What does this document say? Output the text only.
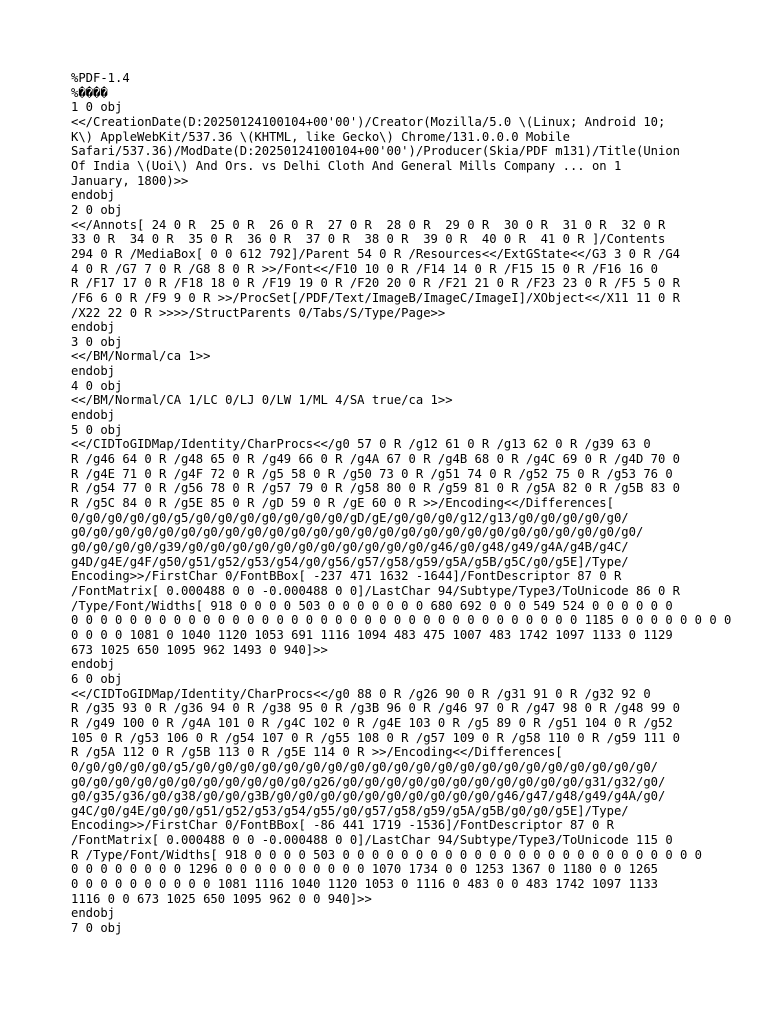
%PDF-1.4
%����
1 0 obj
<</CreationDate(D:20250124100104+00'00')/Creator(Mozilla/5.0 \(Linux; Android 10;
K\) AppleWebKit/537.36 \(KHTML, like Gecko\) Chrome/131.0.0.0 Mobile
Safari/537.36)/ModDate(D:20250124100104+00'00')/Producer(Skia/PDF m131)/Title(Union
Of India \(Uoi\) And Ors. vs Delhi Cloth And General Mills Company ... on 1
January, 1800)>>
endobj
2 0 obj
<</Annots[ 24 0 R  25 0 R  26 0 R  27 0 R  28 0 R  29 0 R  30 0 R  31 0 R  32 0 R
33 0 R  34 0 R  35 0 R  36 0 R  37 0 R  38 0 R  39 0 R  40 0 R  41 0 R ]/Contents
294 0 R /MediaBox[ 0 0 612 792]/Parent 54 0 R /Resources<</ExtGState<</G3 3 0 R /G4
4 0 R /G7 7 0 R /G8 8 0 R >>/Font<</F10 10 0 R /F14 14 0 R /F15 15 0 R /F16 16 0
R /F17 17 0 R /F18 18 0 R /F19 19 0 R /F20 20 0 R /F21 21 0 R /F23 23 0 R /F5 5 0 R
/F6 6 0 R /F9 9 0 R >>/ProcSet[/PDF/Text/ImageB/ImageC/ImageI]/XObject<</X11 11 0 R
/X22 22 0 R >>>>/StructParents 0/Tabs/S/Type/Page>>
endobj
3 0 obj
<</BM/Normal/ca 1>>
endobj
4 0 obj
<</BM/Normal/CA 1/LC 0/LJ 0/LW 1/ML 4/SA true/ca 1>>
endobj
5 0 obj
<</CIDToGIDMap/Identity/CharProcs<</g0 57 0 R /g12 61 0 R /g13 62 0 R /g39 63 0
R /g46 64 0 R /g48 65 0 R /g49 66 0 R /g4A 67 0 R /g4B 68 0 R /g4C 69 0 R /g4D 70 0
R /g4E 71 0 R /g4F 72 0 R /g5 58 0 R /g50 73 0 R /g51 74 0 R /g52 75 0 R /g53 76 0
R /g54 77 0 R /g56 78 0 R /g57 79 0 R /g58 80 0 R /g59 81 0 R /g5A 82 0 R /g5B 83 0
R /g5C 84 0 R /g5E 85 0 R /gD 59 0 R /gE 60 0 R >>/Encoding<</Differences[
0/g0/g0/g0/g0/g5/g0/g0/g0/g0/g0/g0/g0/gD/gE/g0/g0/g0/g12/g13/g0/g0/g0/g0/g0/
g0/g0/g0/g0/g0/g0/g0/g0/g0/g0/g0/g0/g0/g0/g0/g0/g0/g0/g0/g0/g0/g0/g0/g0/g0/g0/
g0/g0/g0/g0/g39/g0/g0/g0/g0/g0/g0/g0/g0/g0/g0/g0/g46/g0/g48/g49/g4A/g4B/g4C/
g4D/g4E/g4F/g50/g51/g52/g53/g54/g0/g56/g57/g58/g59/g5A/g5B/g5C/g0/g5E]/Type/
Encoding>>/FirstChar 0/FontBBox[ -237 471 1632 -1644]/FontDescriptor 87 0 R
/FontMatrix[ 0.000488 0 0 -0.000488 0 0]/LastChar 94/Subtype/Type3/ToUnicode 86 0 R
/Type/Font/Widths[ 918 0 0 0 0 503 0 0 0 0 0 0 0 680 692 0 0 0 549 524 0 0 0 0 0 0
0 0 0 0 0 0 0 0 0 0 0 0 0 0 0 0 0 0 0 0 0 0 0 0 0 0 0 0 0 0 0 0 0 0 0 1185 0 0 0 0 0 0 0 0
0 0 0 0 1081 0 1040 1120 1053 691 1116 1094 483 475 1007 483 1742 1097 1133 0 1129
673 1025 650 1095 962 1493 0 940]>>
endobj
6 0 obj
<</CIDToGIDMap/Identity/CharProcs<</g0 88 0 R /g26 90 0 R /g31 91 0 R /g32 92 0
R /g35 93 0 R /g36 94 0 R /g38 95 0 R /g3B 96 0 R /g46 97 0 R /g47 98 0 R /g48 99 0
R /g49 100 0 R /g4A 101 0 R /g4C 102 0 R /g4E 103 0 R /g5 89 0 R /g51 104 0 R /g52
105 0 R /g53 106 0 R /g54 107 0 R /g55 108 0 R /g57 109 0 R /g58 110 0 R /g59 111 0
R /g5A 112 0 R /g5B 113 0 R /g5E 114 0 R >>/Encoding<</Differences[
0/g0/g0/g0/g0/g5/g0/g0/g0/g0/g0/g0/g0/g0/g0/g0/g0/g0/g0/g0/g0/g0/g0/g0/g0/g0/g0/
g0/g0/g0/g0/g0/g0/g0/g0/g0/g0/g0/g26/g0/g0/g0/g0/g0/g0/g0/g0/g0/g0/g0/g31/g32/g0/
g0/g35/g36/g0/g38/g0/g0/g3B/g0/g0/g0/g0/g0/g0/g0/g0/g0/g0/g46/g47/g48/g49/g4A/g0/
g4C/g0/g4E/g0/g0/g51/g52/g53/g54/g55/g0/g57/g58/g59/g5A/g5B/g0/g0/g5E]/Type/
Encoding>>/FirstChar 0/FontBBox[ -86 441 1719 -1536]/FontDescriptor 87 0 R
/FontMatrix[ 0.000488 0 0 -0.000488 0 0]/LastChar 94/Subtype/Type3/ToUnicode 115 0
R /Type/Font/Widths[ 918 0 0 0 0 503 0 0 0 0 0 0 0 0 0 0 0 0 0 0 0 0 0 0 0 0 0 0 0 0 0
0 0 0 0 0 0 0 0 1296 0 0 0 0 0 0 0 0 0 0 1070 1734 0 0 1253 1367 0 1180 0 0 1265
0 0 0 0 0 0 0 0 0 0 1081 1116 1040 1120 1053 0 1116 0 483 0 0 483 1742 1097 1133
1116 0 0 673 1025 650 1095 962 0 0 940]>>
endobj
7 0 obj
